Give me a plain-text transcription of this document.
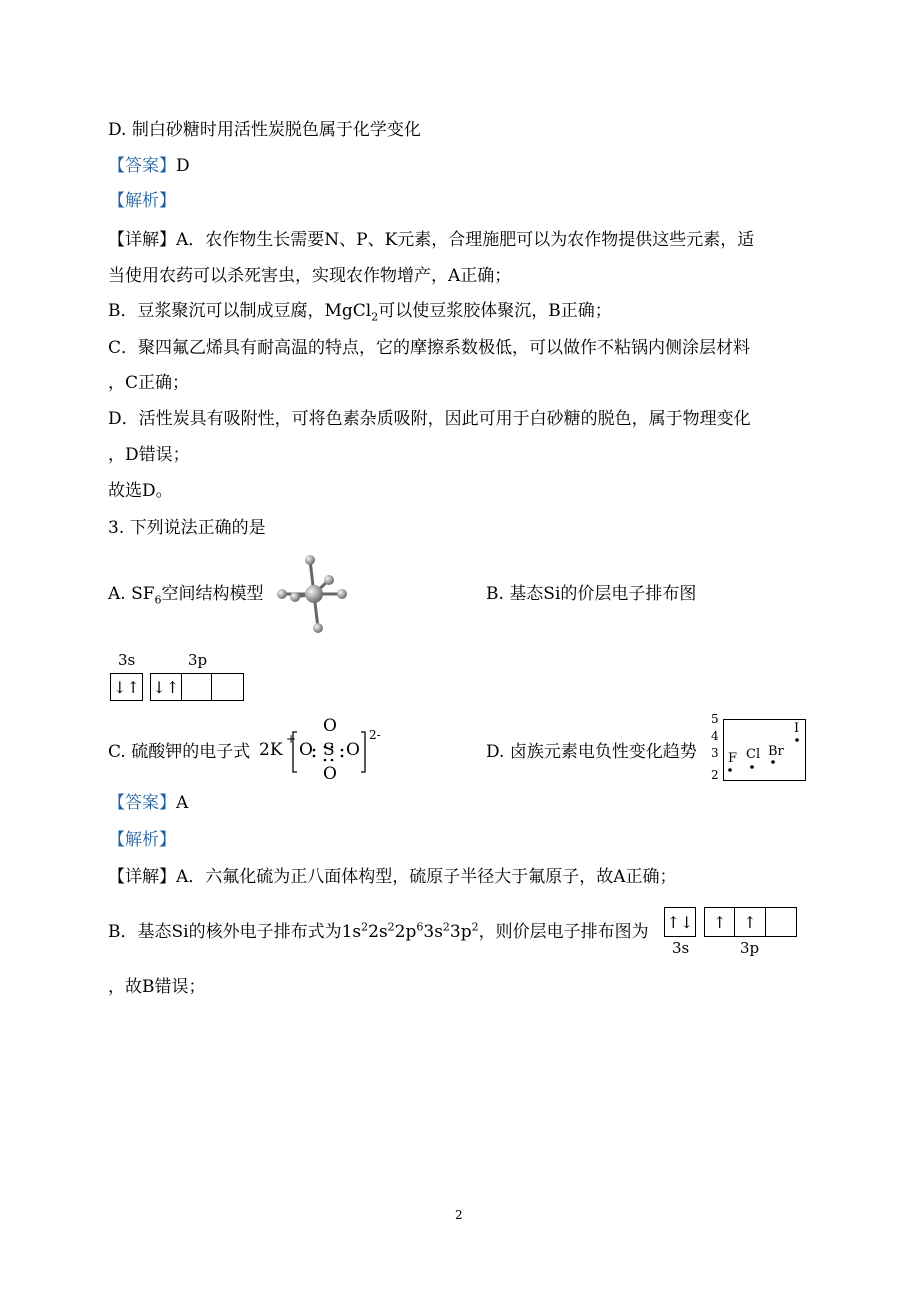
D. 制白砂糖时用活性炭脱色属于化学变化
【答案】D
【解析】
【详解】A．农作物生长需要N、P、K元素，合理施肥可以为农作物提供这些元素，适
当使用农药可以杀死害虫，实现农作物增产，A正确；
B．豆浆聚沉可以制成豆腐，MgCl$_2$可以使豆浆胶体聚沉，B正确；
C．聚四氟乙烯具有耐高温的特点，它的摩擦系数极低，可以做作不粘锅内侧涂层材料
，C正确；
D．活性炭具有吸附性，可将色素杂质吸附，因此可用于白砂糖的脱色，属于物理变化
，D错误；
故选D。
3. 下列说法正确的是
A. $SF_6$空间结构模型	B. 基态Si的价层电子排布图
3s	3p
↓↑ ↓↑
C. 硫酸钾的电子式 2K
+
O
O S O
O
2-
D. 卤族元素电负性变化趋势
5
4
3
2
F Cl Br
I
【答案】A
【解析】
【详解】A．六氟化硫为正八面体构型，硫原子半径大于氟原子，故A正确；
B．基态Si的核外电子排布式为$1s^22s^22p^63s^23p^2$，则价层电子排布图为 ↑↓	↑	↑
3s	3p
，故B错误；
2
